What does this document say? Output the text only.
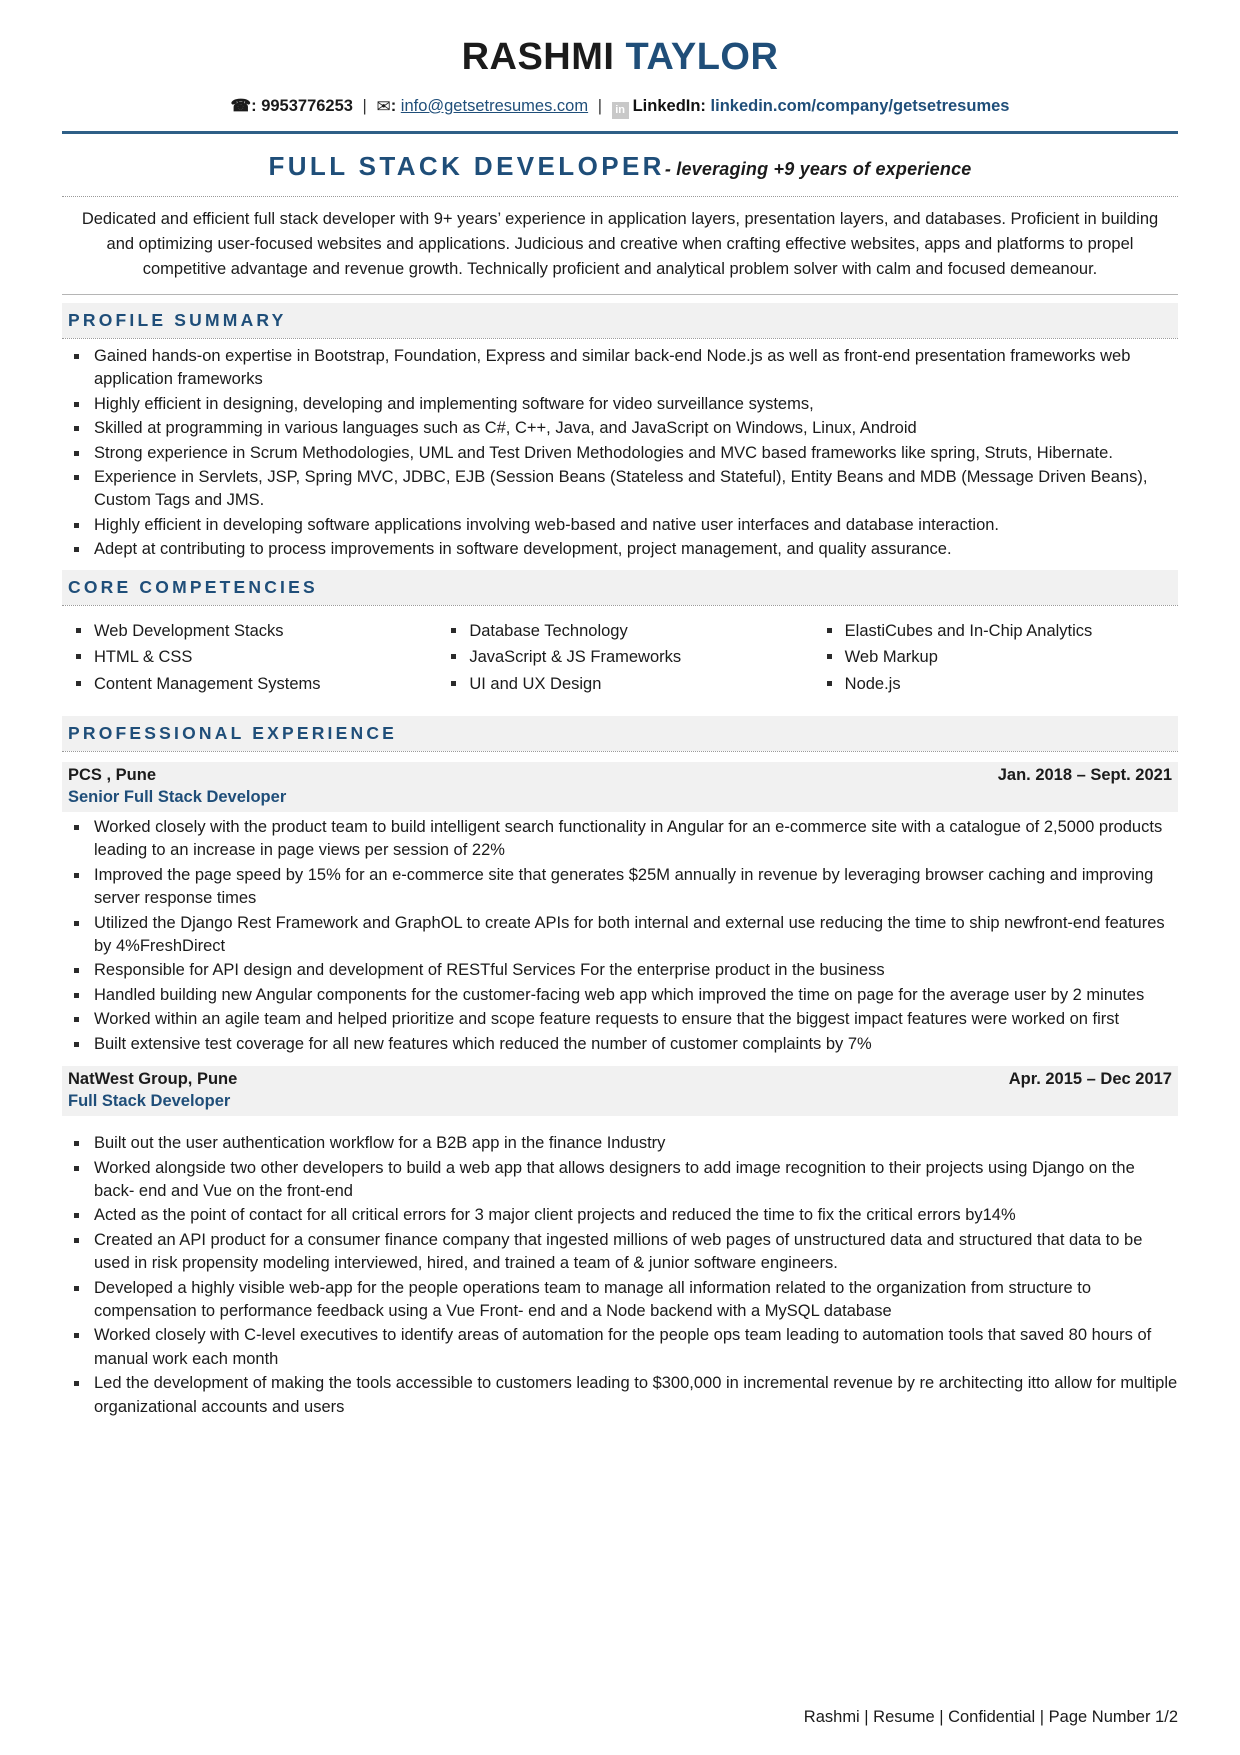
RASHMI TAYLOR
☎: 9953776253 | ✉: info@getsetresumes.com | in LinkedIn: linkedin.com/company/getsetresumes
FULL STACK DEVELOPER- leveraging +9 years of experience
Dedicated and efficient full stack developer with 9+ years’ experience in application layers, presentation layers, and databases. Proficient in building and optimizing user-focused websites and applications. Judicious and creative when crafting effective websites, apps and platforms to propel competitive advantage and revenue growth. Technically proficient and analytical problem solver with calm and focused demeanour.
PROFILE SUMMARY
Gained hands-on expertise in Bootstrap, Foundation, Express and similar back-end Node.js as well as front-end presentation frameworks web application frameworks
Highly efficient in designing, developing and implementing software for video surveillance systems,
Skilled at programming in various languages such as C#, C++, Java, and JavaScript on Windows, Linux, Android
Strong experience in Scrum Methodologies, UML and Test Driven Methodologies and MVC based frameworks like spring, Struts, Hibernate.
Experience in Servlets, JSP, Spring MVC, JDBC, EJB (Session Beans (Stateless and Stateful), Entity Beans and MDB (Message Driven Beans), Custom Tags and JMS.
Highly efficient in developing software applications involving web-based and native user interfaces and database interaction.
Adept at contributing to process improvements in software development, project management, and quality assurance.
CORE COMPETENCIES
Web Development Stacks	Database Technology	ElastiCubes and In-Chip Analytics
HTML & CSS	JavaScript & JS Frameworks	Web Markup
Content Management Systems	UI and UX Design	Node.js
PROFESSIONAL EXPERIENCE
PCS , Pune	Jan. 2018 – Sept. 2021
Senior Full Stack Developer
Worked closely with the product team to build intelligent search functionality in Angular for an e-commerce site with a catalogue of 2,5000 products leading to an increase in page views per session of 22%
Improved the page speed by 15% for an e-commerce site that generates $25M annually in revenue by leveraging browser caching and improving server response times
Utilized the Django Rest Framework and GraphOL to create APIs for both internal and external use reducing the time to ship newfront-end features by 4%FreshDirect
Responsible for API design and development of RESTful Services For the enterprise product in the business
Handled building new Angular components for the customer-facing web app which improved the time on page for the average user by 2 minutes
Worked within an agile team and helped prioritize and scope feature requests to ensure that the biggest impact features were worked on first
Built extensive test coverage for all new features which reduced the number of customer complaints by 7%
NatWest Group, Pune	Apr. 2015 – Dec 2017
Full Stack Developer
Built out the user authentication workflow for a B2B app in the finance Industry
Worked alongside two other developers to build a web app that allows designers to add image recognition to their projects using Django on the back- end and Vue on the front-end
Acted as the point of contact for all critical errors for 3 major client projects and reduced the time to fix the critical errors by14%
Created an API product for a consumer finance company that ingested millions of web pages of unstructured data and structured that data to be used in risk propensity modeling interviewed, hired, and trained a team of & junior software engineers.
Developed a highly visible web-app for the people operations team to manage all information related to the organization from structure to compensation to performance feedback using a Vue Front- end and a Node backend with a MySQL database
Worked closely with C-level executives to identify areas of automation for the people ops team leading to automation tools that saved 80 hours of manual work each month
Led the development of making the tools accessible to customers leading to $300,000 in incremental revenue by re architecting itto allow for multiple organizational accounts and users
Rashmi | Resume | Confidential | Page Number 1/2
